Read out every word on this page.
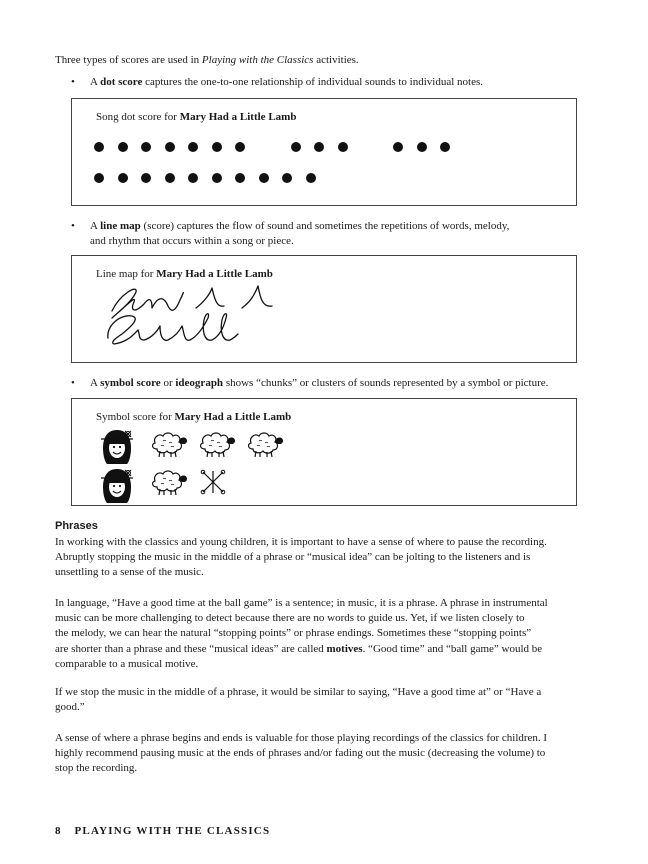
Three types of scores are used in Playing with the Classics activities.
• A dot score captures the one-to-one relationship of individual sounds to individual notes.
Song dot score for Mary Had a Little Lamb
• A line map (score) captures the flow of sound and sometimes the repetitions of words, melody,
and rhythm that occurs within a song or piece.
Line map for Mary Had a Little Lamb
• A symbol score or ideograph shows “chunks” or clusters of sounds represented by a symbol or picture.
Symbol score for Mary Had a Little Lamb
Phrases
In working with the classics and young children, it is important to have a sense of where to pause the recording.
Abruptly stopping the music in the middle of a phrase or “musical idea” can be jolting to the listeners and is
unsettling to a sense of the music.
In language, “Have a good time at the ball game” is a sentence; in music, it is a phrase. A phrase in instrumental
music can be more challenging to detect because there are no words to guide us. Yet, if we listen closely to
the melody, we can hear the natural “stopping points” or phrase endings. Sometimes these “stopping points”
are shorter than a phrase and these “musical ideas” are called motives. “Good time” and “ball game” would be
comparable to a musical motive.
If we stop the music in the middle of a phrase, it would be similar to saying, “Have a good time at” or “Have a
good.”
A sense of where a phrase begins and ends is valuable for those playing recordings of the classics for children. I
highly recommend pausing music at the ends of phrases and/or fading out the music (decreasing the volume) to
stop the recording.
8 PLAYING WITH THE CLASSICS
